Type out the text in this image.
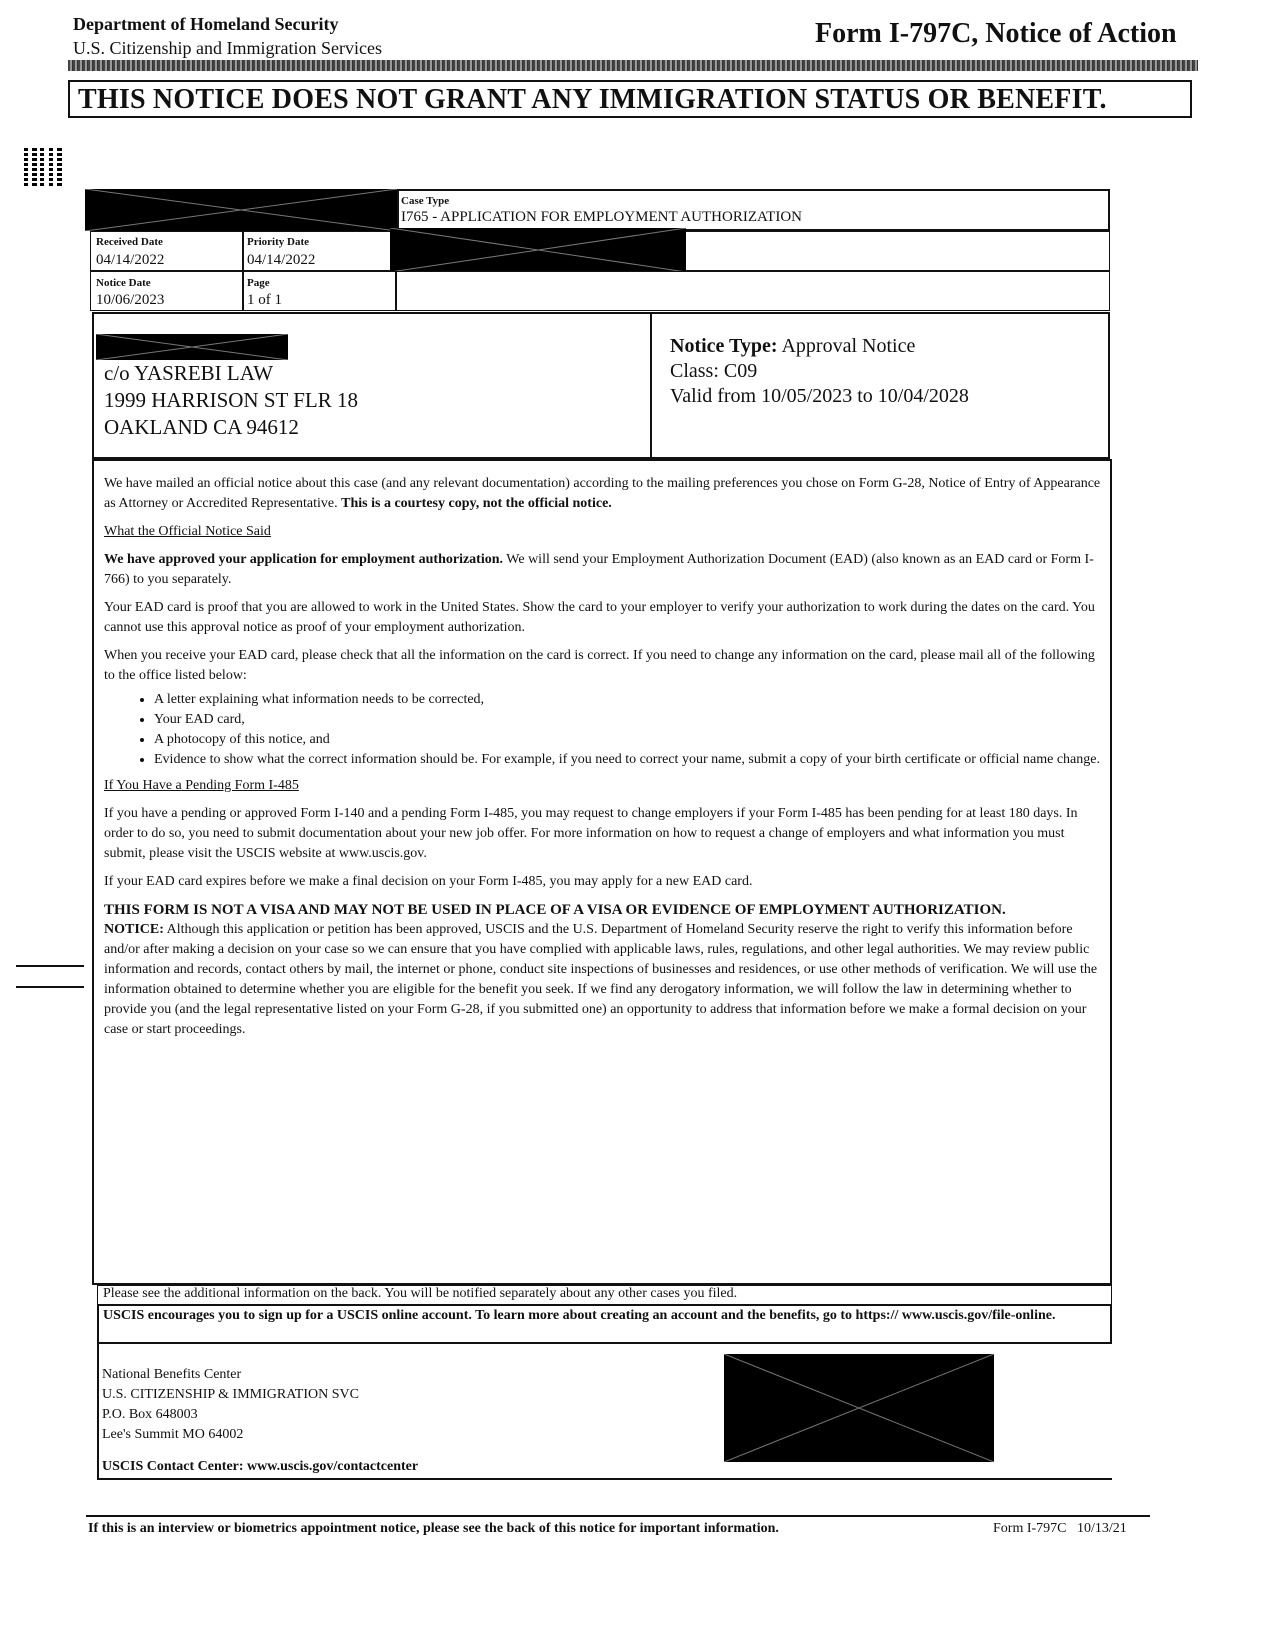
Department of Homeland Security
U.S. Citizenship and Immigration Services	Form I-797C, Notice of Action
THIS NOTICE DOES NOT GRANT ANY IMMIGRATION STATUS OR BENEFIT.
Case Type
I765 - APPLICATION FOR EMPLOYMENT AUTHORIZATION
Received Date
04/14/2022
Priority Date
04/14/2022
Notice Date
10/06/2023
Page
1 of 1
c/o YASREBI LAW
1999 HARRISON ST FLR 18
OAKLAND CA 94612
Notice Type: Approval Notice
Class: C09
Valid from 10/05/2023 to 10/04/2028

We have mailed an official notice about this case (and any relevant documentation) according to the mailing preferences you chose on Form G-28, Notice of Entry of Appearance as Attorney or Accredited Representative. This is a courtesy copy, not the official notice.

What the Official Notice Said

We have approved your application for employment authorization. We will send your Employment Authorization Document (EAD) (also known as an EAD card or Form I-766) to you separately.

Your EAD card is proof that you are allowed to work in the United States. Show the card to your employer to verify your authorization to work during the dates on the card. You cannot use this approval notice as proof of your employment authorization.

When you receive your EAD card, please check that all the information on the card is correct. If you need to change any information on the card, please mail all of the following to the office listed below:

• A letter explaining what information needs to be corrected,
• Your EAD card,
• A photocopy of this notice, and
• Evidence to show what the correct information should be. For example, if you need to correct your name, submit a copy of your birth certificate or official name change.

If You Have a Pending Form I-485

If you have a pending or approved Form I-140 and a pending Form I-485, you may request to change employers if your Form I-485 has been pending for at least 180 days. In order to do so, you need to submit documentation about your new job offer. For more information on how to request a change of employers and what information you must submit, please visit the USCIS website at www.uscis.gov.

If your EAD card expires before we make a final decision on your Form I-485, you may apply for a new EAD card.

THIS FORM IS NOT A VISA AND MAY NOT BE USED IN PLACE OF A VISA OR EVIDENCE OF EMPLOYMENT AUTHORIZATION.

NOTICE: Although this application or petition has been approved, USCIS and the U.S. Department of Homeland Security reserve the right to verify this information before and/or after making a decision on your case so we can ensure that you have complied with applicable laws, rules, regulations, and other legal authorities. We may review public information and records, contact others by mail, the internet or phone, conduct site inspections of businesses and residences, or use other methods of verification. We will use the information obtained to determine whether you are eligible for the benefit you seek. If we find any derogatory information, we will follow the law in determining whether to provide you (and the legal representative listed on your Form G-28, if you submitted one) an opportunity to address that information before we make a formal decision on your case or start proceedings.

Please see the additional information on the back. You will be notified separately about any other cases you filed.
USCIS encourages you to sign up for a USCIS online account. To learn more about creating an account and the benefits, go to https:// www.uscis.gov/file-online.
National Benefits Center
U.S. CITIZENSHIP & IMMIGRATION SVC
P.O. Box 648003
Lee's Summit MO 64002
USCIS Contact Center: www.uscis.gov/contactcenter
If this is an interview or biometrics appointment notice, please see the back of this notice for important information.	Form I-797C 10/13/21
